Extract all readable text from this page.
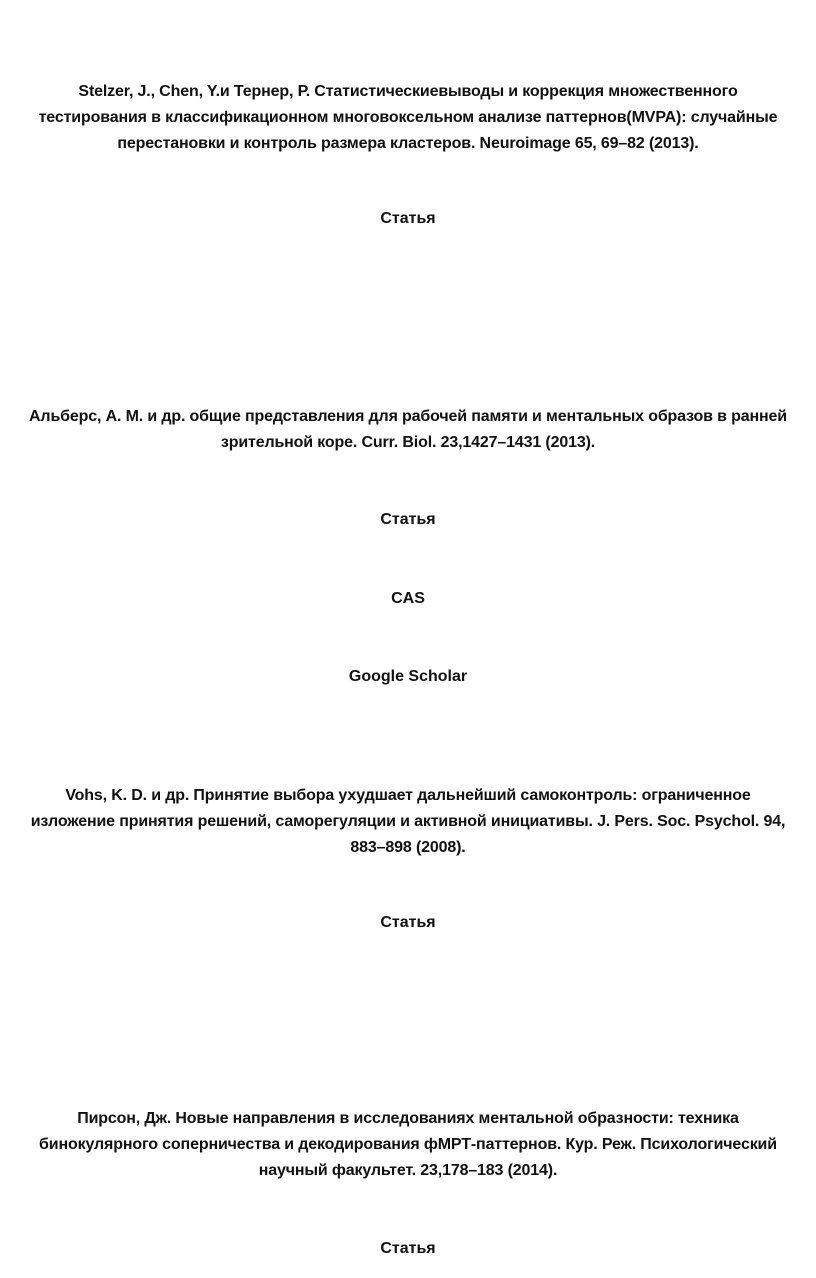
Stelzer, J., Chen, Y.и Тернер, Р. Статистическиевыводы и коррекция множественного
тестирования в классификационном многовоксельном анализе паттернов(MVPA): случайные
перестановки и контроль размера кластеров. Neuroimage 65, 69–82 (2013).
Статья
Альберс, А. М. и др. общие представления для рабочей памяти и ментальных образов в ранней
зрительной коре. Curr. Biol. 23,1427–1431 (2013).
Статья
CAS
Google Scholar
Vohs, K. D. и др. Принятие выбора ухудшает дальнейший самоконтроль: ограниченное
изложение принятия решений, саморегуляции и активной инициативы. J. Pers. Soc. Psychol. 94,
883–898 (2008).
Статья
Пирсон, Дж. Новые направления в исследованиях ментальной образности: техника
бинокулярного соперничества и декодирования фМРТ-паттернов. Кур. Реж. Психологический
научный факультет. 23,178–183 (2014).
Статья
